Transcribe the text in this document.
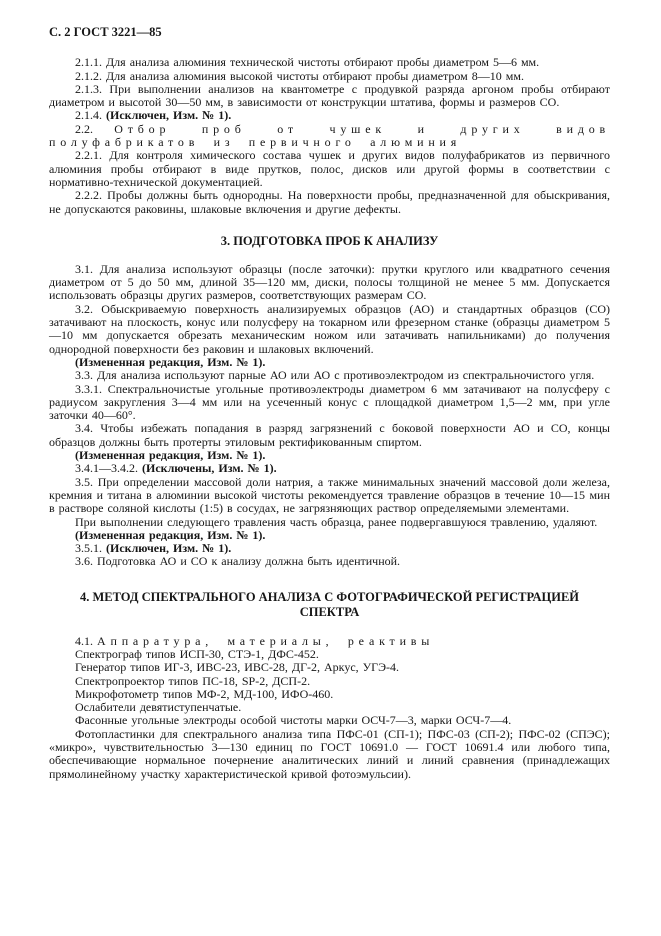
С. 2 ГОСТ 3221—85

2.1.1. Для анализа алюминия технической чистоты отбирают пробы диаметром 5—6 мм.

2.1.2. Для анализа алюминия высокой чистоты отбирают пробы диаметром 8—10 мм.

2.1.3. При выполнении анализов на квантометре с продувкой разряда аргоном пробы отбирают диаметром и высотой 30—50 мм, в зависимости от конструкции штатива, формы и размеров СО.

2.1.4. (Исключен, Изм. № 1).

2.2. Отбор проб от чушек и других видов полуфабрикатов из первичного алюминия

2.2.1. Для контроля химического состава чушек и других видов полуфабрикатов из первичного алюминия пробы отбирают в виде прутков, полос, дисков или другой формы в соответствии с нормативно-технической документацией.

2.2.2. Пробы должны быть однородны. На поверхности пробы, предназначенной для обыскривания, не допускаются раковины, шлаковые включения и другие дефекты.

3. ПОДГОТОВКА ПРОБ К АНАЛИЗУ

3.1. Для анализа используют образцы (после заточки): прутки круглого или квадратного сечения диаметром от 5 до 50 мм, длиной 35—120 мм, диски, полосы толщиной не менее 5 мм. Допускается использовать образцы других размеров, соответствующих размерам СО.

3.2. Обыскриваемую поверхность анализируемых образцов (АО) и стандартных образцов (СО) затачивают на плоскость, конус или полусферу на токарном или фрезерном станке (образцы диаметром 5—10 мм допускается обрезать механическим ножом или затачивать напильниками) до получения однородной поверхности без раковин и шлаковых включений.

(Измененная редакция, Изм. № 1).

3.3. Для анализа используют парные АО или АО с противоэлектродом из спектральночистого угля.

3.3.1. Спектральночистые угольные противоэлектроды диаметром 6 мм затачивают на полусферу с радиусом закругления 3—4 мм или на усеченный конус с площадкой диаметром 1,5—2 мм, при угле заточки 40—60°.

3.4. Чтобы избежать попадания в разряд загрязнений с боковой поверхности АО и СО, концы образцов должны быть протерты этиловым ректификованным спиртом.

(Измененная редакция, Изм. № 1).

3.4.1—3.4.2. (Исключены, Изм. № 1).

3.5. При определении массовой доли натрия, а также минимальных значений массовой доли железа, кремния и титана в алюминии высокой чистоты рекомендуется травление образцов в течение 10—15 мин в растворе соляной кислоты (1:5) в сосудах, не загрязняющих раствор определяемыми элементами.

При выполнении следующего травления часть образца, ранее подвергавшуюся травлению, удаляют.

(Измененная редакция, Изм. № 1).

3.5.1. (Исключен, Изм. № 1).

3.6. Подготовка АО и СО к анализу должна быть идентичной.

4. МЕТОД СПЕКТРАЛЬНОГО АНАЛИЗА С ФОТОГРАФИЧЕСКОЙ РЕГИСТРАЦИЕЙ СПЕКТРА

4.1. Аппаратура, материалы, реактивы

Спектрограф типов ИСП-30, СТЭ-1, ДФС-452.

Генератор типов ИГ-3, ИВС-23, ИВС-28, ДГ-2, Аркус, УГЭ-4.

Спектропроектор типов ПС-18, SP-2, ДСП-2.

Микрофотометр типов МФ-2, МД-100, ИФО-460.

Ослабители девятиступенчатые.

Фасонные угольные электроды особой чистоты марки ОСЧ-7—3, марки ОСЧ-7—4.

Фотопластинки для спектрального анализа типа ПФС-01 (СП-1); ПФС-03 (СП-2); ПФС-02 (СПЭС); «микро», чувствительностью 3—130 единиц по ГОСТ 10691.0 — ГОСТ 10691.4 или любого типа, обеспечивающие нормальное почернение аналитических линий и линий сравнения (принадлежащих прямолинейному участку характеристической кривой фотоэмульсии).
